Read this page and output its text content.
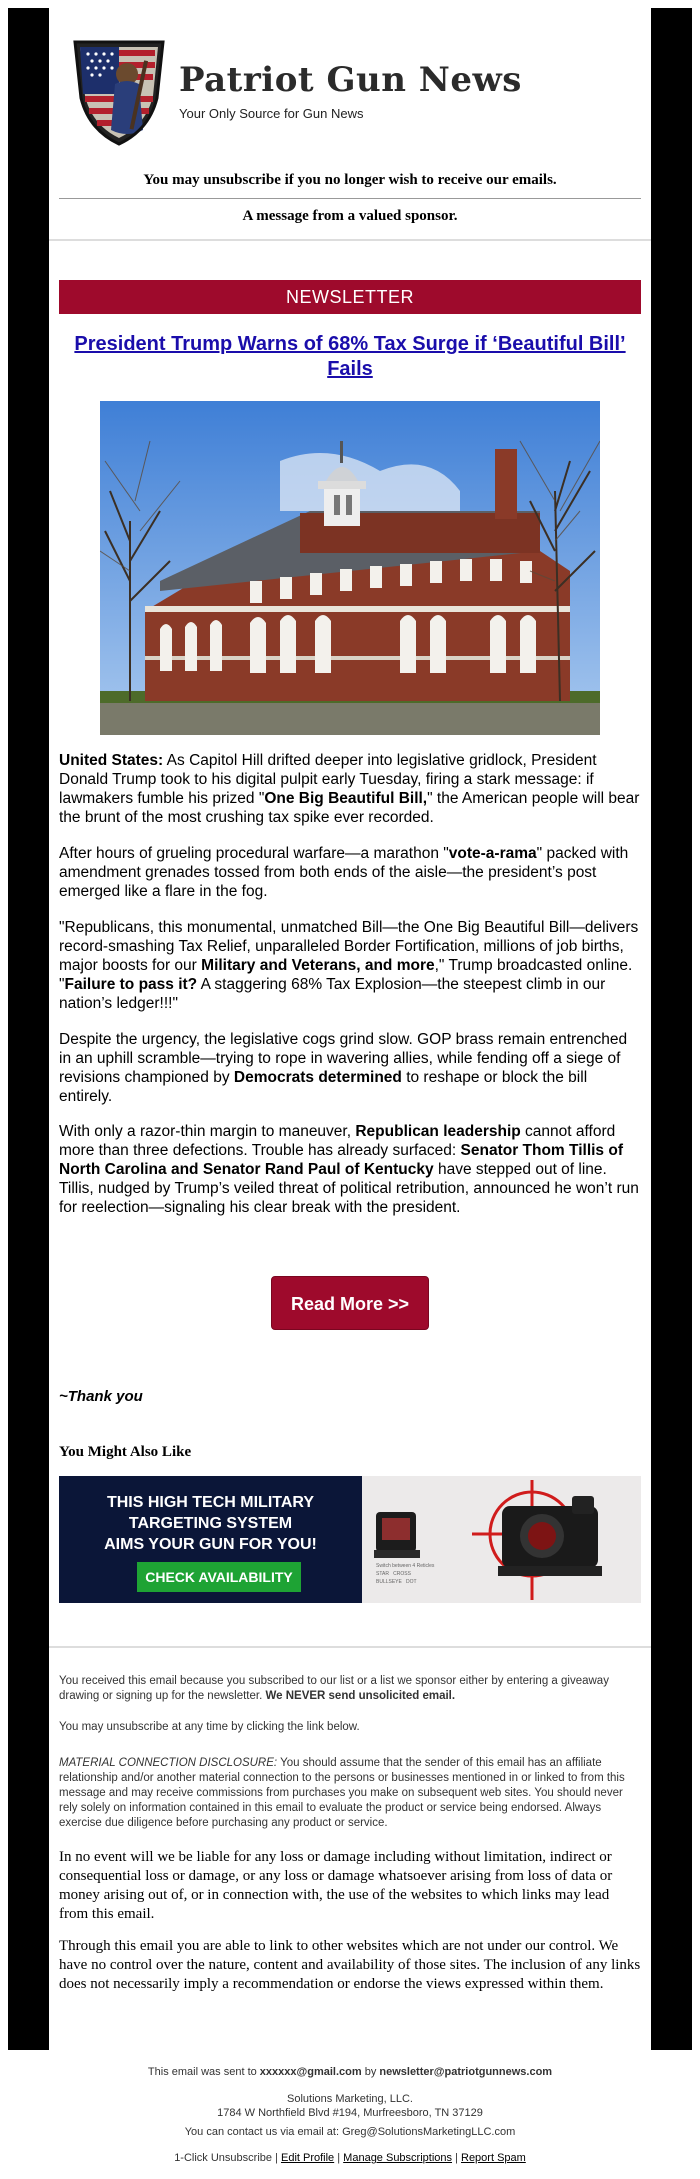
Patriot Gun News
Your Only Source for Gun News
You may unsubscribe if you no longer wish to receive our emails.
A message from a valued sponsor.
NEWSLETTER
President Trump Warns of 68% Tax Surge if ‘Beautiful Bill’ Fails
United States: As Capitol Hill drifted deeper into legislative gridlock, President Donald Trump took to his digital pulpit early Tuesday, firing a stark message: if lawmakers fumble his prized "One Big Beautiful Bill," the American people will bear the brunt of the most crushing tax spike ever recorded.
After hours of grueling procedural warfare—a marathon "vote-a-rama" packed with amendment grenades tossed from both ends of the aisle—the president’s post emerged like a flare in the fog.
"Republicans, this monumental, unmatched Bill—the One Big Beautiful Bill—delivers record-smashing Tax Relief, unparalleled Border Fortification, millions of job births, major boosts for our Military and Veterans, and more," Trump broadcasted online. "Failure to pass it? A staggering 68% Tax Explosion—the steepest climb in our nation’s ledger!!!"
Despite the urgency, the legislative cogs grind slow. GOP brass remain entrenched in an uphill scramble—trying to rope in wavering allies, while fending off a siege of revisions championed by Democrats determined to reshape or block the bill entirely.
With only a razor-thin margin to maneuver, Republican leadership cannot afford more than three defections. Trouble has already surfaced: Senator Thom Tillis of North Carolina and Senator Rand Paul of Kentucky have stepped out of line. Tillis, nudged by Trump’s veiled threat of political retribution, announced he won’t run for reelection—signaling his clear break with the president.
Read More >>
~Thank you
You Might Also Like
THIS HIGH TECH MILITARY
TARGETING SYSTEM
AIMS YOUR GUN FOR YOU!
CHECK AVAILABILITY
Switch between 4 Reticles
STAR CROSS
BULLSEYE DOT
You received this email because you subscribed to our list or a list we sponsor either by entering a giveaway drawing or signing up for the newsletter. We NEVER send unsolicited email.
You may unsubscribe at any time by clicking the link below.
MATERIAL CONNECTION DISCLOSURE: You should assume that the sender of this email has an affiliate relationship and/or another material connection to the persons or businesses mentioned in or linked to from this message and may receive commissions from purchases you make on subsequent web sites. You should never rely solely on information contained in this email to evaluate the product or service being endorsed. Always exercise due diligence before purchasing any product or service.
In no event will we be liable for any loss or damage including without limitation, indirect or consequential loss or damage, or any loss or damage whatsoever arising from loss of data or money arising out of, or in connection with, the use of the websites to which links may lead from this email.
Through this email you are able to link to other websites which are not under our control. We have no control over the nature, content and availability of those sites. The inclusion of any links does not necessarily imply a recommendation or endorse the views expressed within them.
This email was sent to xxxxxx@gmail.com by newsletter@patriotgunnews.com
Solutions Marketing, LLC.
1784 W Northfield Blvd #194, Murfreesboro, TN 37129
You can contact us via email at: Greg@SolutionsMarketingLLC.com
1-Click Unsubscribe | Edit Profile | Manage Subscriptions | Report Spam
